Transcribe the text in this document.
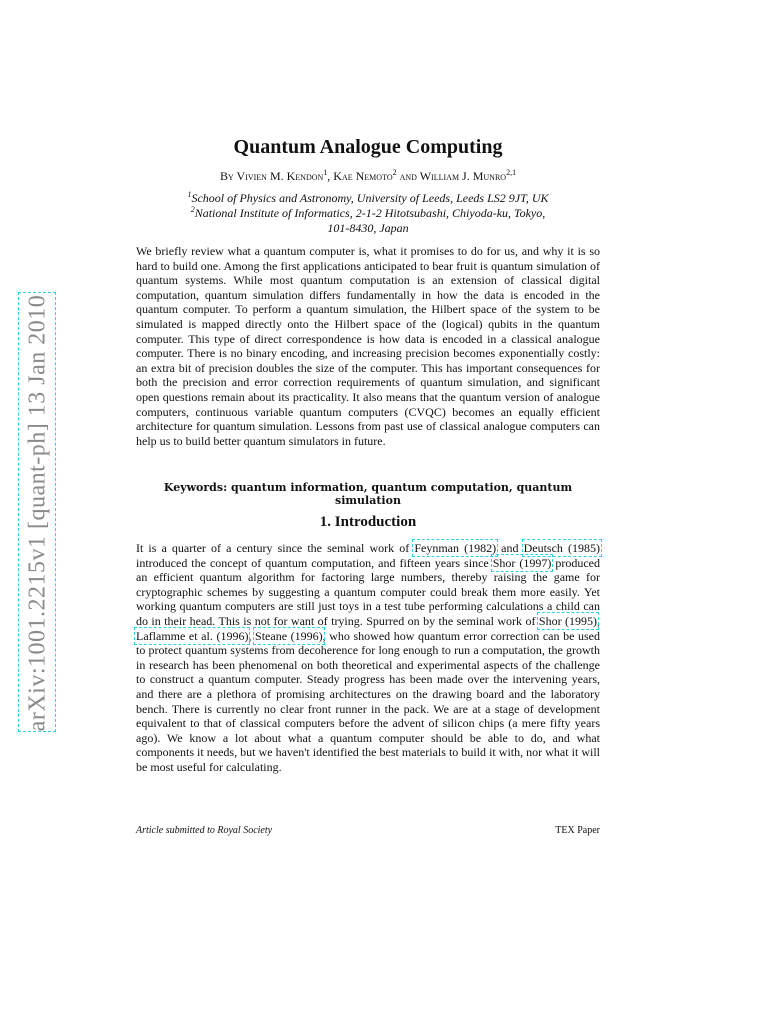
arXiv:1001.2215v1 [quant-ph] 13 Jan 2010
Quantum Analogue Computing
By Vivien M. Kendon$^1$, Kae Nemoto$^2$ and William J. Munro$^{2,1}$
$^1$School of Physics and Astronomy, University of Leeds, Leeds LS2 9JT, UK
$^2$National Institute of Informatics, 2-1-2 Hitotsubashi, Chiyoda-ku, Tokyo,
101-8430, Japan

We briefly review what a quantum computer is, what it promises to do for us, and why it is so hard to build one. Among the first applications anticipated to bear fruit is quantum simulation of quantum systems. While most quantum computation is an extension of classical digital computation, quantum simulation differs fundamentally in how the data is encoded in the quantum computer. To perform a quantum simulation, the Hilbert space of the system to be simulated is mapped directly onto the Hilbert space of the (logical) qubits in the quantum computer. This type of direct correspondence is how data is encoded in a classical analogue computer. There is no binary encoding, and increasing precision becomes exponentially costly: an extra bit of precision doubles the size of the computer. This has important consequences for both the precision and error correction requirements of quantum simulation, and significant open questions remain about its practicality. It also means that the quantum version of analogue computers, continuous variable quantum computers (CVQC) becomes an equally efficient architecture for quantum simulation. Lessons from past use of classical analogue computers can help us to build better quantum simulators in future.

Keywords: quantum information, quantum computation, quantum simulation
1. Introduction

It is a quarter of a century since the seminal work of Feynman (1982) and Deutsch (1985) introduced the concept of quantum computation, and fifteen years since Shor (1997) produced an efficient quantum algorithm for factoring large numbers, thereby raising the game for cryptographic schemes by suggesting a quantum computer could break them more easily. Yet working quantum computers are still just toys in a test tube performing calculations a child can do in their head. This is not for want of trying. Spurred on by the seminal work of Shor (1995), Laflamme et al. (1996), Steane (1996), who showed how quantum error correction can be used to protect quantum systems from decoherence for long enough to run a computation, the growth in research has been phenomenal on both theoretical and experimental aspects of the challenge to construct a quantum computer. Steady progress has been made over the intervening years, and there are a plethora of promising architectures on the drawing board and the laboratory bench. There is currently no clear front runner in the pack. We are at a stage of development equivalent to that of classical computers before the advent of silicon chips (a mere fifty years ago). We know a lot about what a quantum computer should be able to do, and what components it needs, but we haven't identified the best materials to build it with, nor what it will be most useful for calculating.

Article submitted to Royal Society	TEX Paper
